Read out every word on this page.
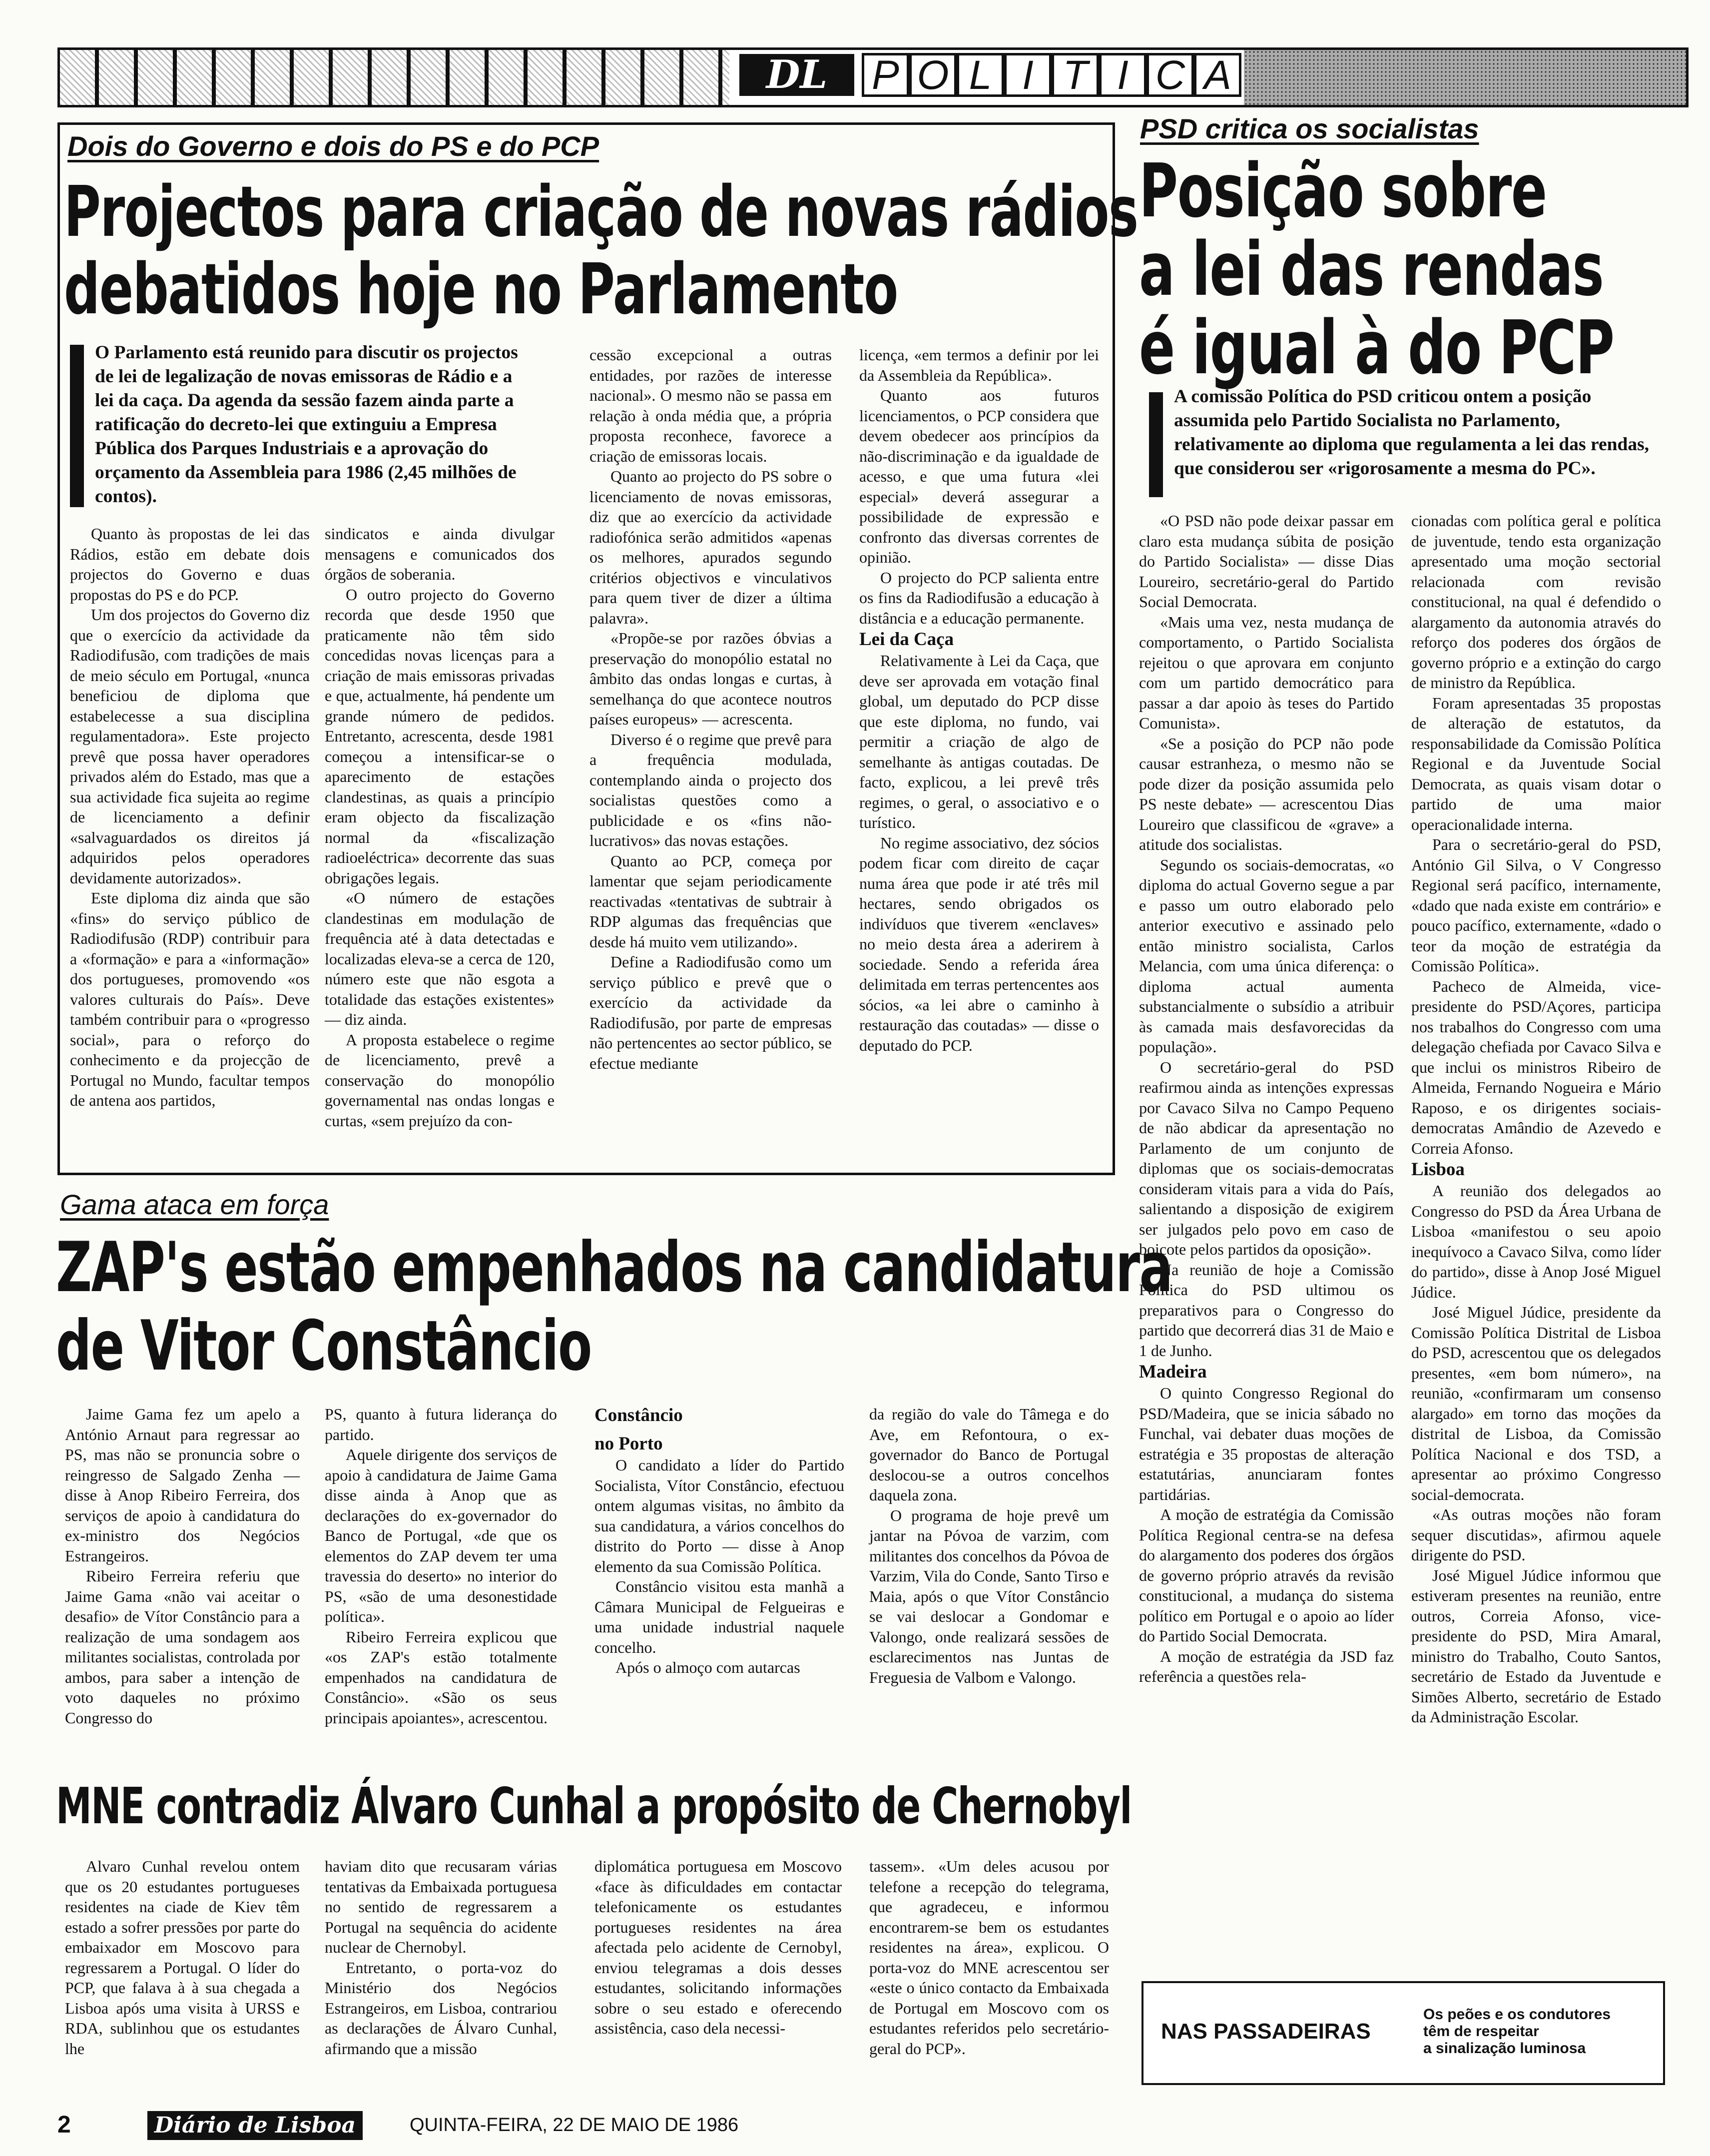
DL	P O L I T I C A
Dois do Governo e dois do PS e do PCP
Projectos para criação de novas rádios
debatidos hoje no Parlamento
O Parlamento está reunido para discutir os projectos de lei de legalização de novas emissoras de Rádio e a lei da caça. Da agenda da sessão fazem ainda parte a ratificação do decreto-lei que extinguiu a Empresa Pública dos Parques Industriais e a aprovação do orçamento da Assembleia para 1986 (2,45 milhões de contos).

Quanto às propostas de lei das Rádios, estão em debate dois projectos do Governo e duas propostas do PS e do PCP.

Um dos projectos do Governo diz que o exercício da actividade da Radiodifusão, com tradições de mais de meio século em Portugal, «nunca beneficiou de diploma que estabelecesse a sua disciplina regulamentadora». Este projecto prevê que possa haver operadores privados além do Estado, mas que a sua actividade fica sujeita ao regime de licenciamento a definir «salvaguardados os direitos já adquiridos pelos operadores devidamente autorizados».

Este diploma diz ainda que são «fins» do serviço público de Radiodifusão (RDP) contribuir para a «formação» e para a «informação» dos portugueses, promovendo «os valores culturais do País». Deve também contribuir para o «progresso social», para o reforço do conhecimento e da projecção de Portugal no Mundo, facultar tempos de antena aos partidos,

sindicatos e ainda divulgar mensagens e comunicados dos órgãos de soberania.

O outro projecto do Governo recorda que desde 1950 que praticamente não têm sido concedidas novas licenças para a criação de mais emissoras privadas e que, actualmente, há pendente um grande número de pedidos. Entretanto, acrescenta, desde 1981 começou a intensificar-se o aparecimento de estações clandestinas, as quais a princípio eram objecto da fiscalização normal da «fiscalização radioeléctrica» decorrente das suas obrigações legais.

«O número de estações clandestinas em modulação de frequência até à data detectadas e localizadas eleva-se a cerca de 120, número este que não esgota a totalidade das estações existentes» — diz ainda.

A proposta estabelece o regime de licenciamento, prevê a conservação do monopólio governamental nas ondas longas e curtas, «sem prejuízo da con-

cessão excepcional a outras entidades, por razões de interesse nacional». O mesmo não se passa em relação à onda média que, a própria proposta reconhece, favorece a criação de emissoras locais.

Quanto ao projecto do PS sobre o licenciamento de novas emissoras, diz que ao exercício da actividade radiofónica serão admitidos «apenas os melhores, apurados segundo critérios objectivos e vinculativos para quem tiver de dizer a última palavra».

«Propõe-se por razões óbvias a preservação do monopólio estatal no âmbito das ondas longas e curtas, à semelhança do que acontece noutros países europeus» — acrescenta.

Diverso é o regime que prevê para a frequência modulada, contemplando ainda o projecto dos socialistas questões como a publicidade e os «fins não-lucrativos» das novas estações.

Quanto ao PCP, começa por lamentar que sejam periodicamente reactivadas «tentativas de subtrair à RDP algumas das frequências que desde há muito vem utilizando».

Define a Radiodifusão como um serviço público e prevê que o exercício da actividade da Radiodifusão, por parte de empresas não pertencentes ao sector público, se efectue mediante

licença, «em termos a definir por lei da Assembleia da República».

Quanto aos futuros licenciamentos, o PCP considera que devem obedecer aos princípios da não-discriminação e da igualdade de acesso, e que uma futura «lei especial» deverá assegurar a possibilidade de expressão e confronto das diversas correntes de opinião.

O projecto do PCP salienta entre os fins da Radiodifusão a educação à distância e a educação permanente.

Lei da Caça

Relativamente à Lei da Caça, que deve ser aprovada em votação final global, um deputado do PCP disse que este diploma, no fundo, vai permitir a criação de algo de semelhante às antigas coutadas. De facto, explicou, a lei prevê três regimes, o geral, o associativo e o turístico.

No regime associativo, dez sócios podem ficar com direito de caçar numa área que pode ir até três mil hectares, sendo obrigados os indivíduos que tiverem «enclaves» no meio desta área a aderirem à sociedade. Sendo a referida área delimitada em terras pertencentes aos sócios, «a lei abre o caminho à restauração das coutadas» — disse o deputado do PCP.

PSD critica os socialistas
Posição sobre
a lei das rendas
é igual à do PCP
A comissão Política do PSD criticou ontem a posição assumida pelo Partido Socialista no Parlamento, relativamente ao diploma que regulamenta a lei das rendas, que considerou ser «rigorosamente a mesma do PC».

«O PSD não pode deixar passar em claro esta mudança súbita de posição do Partido Socialista» — disse Dias Loureiro, secretário-geral do Partido Social Democrata.

«Mais uma vez, nesta mudança de comportamento, o Partido Socialista rejeitou o que aprovara em conjunto com um partido democrático para passar a dar apoio às teses do Partido Comunista».

«Se a posição do PCP não pode causar estranheza, o mesmo não se pode dizer da posição assumida pelo PS neste debate» — acrescentou Dias Loureiro que classificou de «grave» a atitude dos socialistas.

Segundo os sociais-democratas, «o diploma do actual Governo segue a par e passo um outro elaborado pelo anterior executivo e assinado pelo então ministro socialista, Carlos Melancia, com uma única diferença: o diploma actual aumenta substancialmente o subsídio a atribuir às camada mais desfavorecidas da população».

O secretário-geral do PSD reafirmou ainda as intenções expressas por Cavaco Silva no Campo Pequeno de não abdicar da apresentação no Parlamento de um conjunto de diplomas que os sociais-democratas consideram vitais para a vida do País, salientando a disposição de exigirem ser julgados pelo povo em caso de boicote pelos partidos da oposição».

Na reunião de hoje a Comissão Política do PSD ultimou os preparativos para o Congresso do partido que decorrerá dias 31 de Maio e 1 de Junho.

Madeira

O quinto Congresso Regional do PSD/Madeira, que se inicia sábado no Funchal, vai debater duas moções de estratégia e 35 propostas de alteração estatutárias, anunciaram fontes partidárias.

A moção de estratégia da Comissão Política Regional centra-se na defesa do alargamento dos poderes dos órgãos de governo próprio através da revisão constitucional, a mudança do sistema político em Portugal e o apoio ao líder do Partido Social Democrata.

A moção de estratégia da JSD faz referência a questões rela-

cionadas com política geral e política de juventude, tendo esta organização apresentado uma moção sectorial relacionada com revisão constitucional, na qual é defendido o alargamento da autonomia através do reforço dos poderes dos órgãos de governo próprio e a extinção do cargo de ministro da República.

Foram apresentadas 35 propostas de alteração de estatutos, da responsabilidade da Comissão Política Regional e da Juventude Social Democrata, as quais visam dotar o partido de uma maior operacionalidade interna.

Para o secretário-geral do PSD, António Gil Silva, o V Congresso Regional será pacífico, internamente, «dado que nada existe em contrário» e pouco pacífico, externamente, «dado o teor da moção de estratégia da Comissão Política».

Pacheco de Almeida, vice-presidente do PSD/Açores, participa nos trabalhos do Congresso com uma delegação chefiada por Cavaco Silva e que inclui os ministros Ribeiro de Almeida, Fernando Nogueira e Mário Raposo, e os dirigentes sociais-democratas Amândio de Azevedo e Correia Afonso.

Lisboa

A reunião dos delegados ao Congresso do PSD da Área Urbana de Lisboa «manifestou o seu apoio inequívoco a Cavaco Silva, como líder do partido», disse à Anop José Miguel Júdice.

José Miguel Júdice, presidente da Comissão Política Distrital de Lisboa do PSD, acrescentou que os delegados presentes, «em bom número», na reunião, «confirmaram um consenso alargado» em torno das moções da distrital de Lisboa, da Comissão Política Nacional e dos TSD, a apresentar ao próximo Congresso social-democrata.

«As outras moções não foram sequer discutidas», afirmou aquele dirigente do PSD.

José Miguel Júdice informou que estiveram presentes na reunião, entre outros, Correia Afonso, vice-presidente do PSD, Mira Amaral, ministro do Trabalho, Couto Santos, secretário de Estado da Juventude e Simões Alberto, secretário de Estado da Administração Escolar.

Gama ataca em força
ZAP's estão empenhados na candidatura
de Vitor Constâncio

Jaime Gama fez um apelo a António Arnaut para regressar ao PS, mas não se pronuncia sobre o reingresso de Salgado Zenha — disse à Anop Ribeiro Ferreira, dos serviços de apoio à candidatura do ex-ministro dos Negócios Estrangeiros.

Ribeiro Ferreira referiu que Jaime Gama «não vai aceitar o desafio» de Vítor Constâncio para a realização de uma sondagem aos militantes socialistas, controlada por ambos, para saber a intenção de voto daqueles no próximo Congresso do

PS, quanto à futura liderança do partido.

Aquele dirigente dos serviços de apoio à candidatura de Jaime Gama disse ainda à Anop que as declarações do ex-governador do Banco de Portugal, «de que os elementos do ZAP devem ter uma travessia do deserto» no interior do PS, «são de uma desonestidade política».

Ribeiro Ferreira explicou que «os ZAP's estão totalmente empenhados na candidatura de Constâncio». «São os seus principais apoiantes», acrescentou.

Constâncio

no Porto

O candidato a líder do Partido Socialista, Vítor Constâncio, efectuou ontem algumas visitas, no âmbito da sua candidatura, a vários concelhos do distrito do Porto — disse à Anop elemento da sua Comissão Política.

Constâncio visitou esta manhã a Câmara Municipal de Felgueiras e uma unidade industrial naquele concelho.

Após o almoço com autarcas

da região do vale do Tâmega e do Ave, em Refontoura, o ex-governador do Banco de Portugal deslocou-se a outros concelhos daquela zona.

O programa de hoje prevê um jantar na Póvoa de varzim, com militantes dos concelhos da Póvoa de Varzim, Vila do Conde, Santo Tirso e Maia, após o que Vítor Constâncio se vai deslocar a Gondomar e Valongo, onde realizará sessões de esclarecimentos nas Juntas de Freguesia de Valbom e Valongo.

MNE contradiz Álvaro Cunhal a propósito de Chernobyl

Alvaro Cunhal revelou ontem que os 20 estudantes portugueses residentes na ciade de Kiev têm estado a sofrer pressões por parte do embaixador em Moscovo para regressarem a Portugal. O líder do PCP, que falava à à sua chegada a Lisboa após uma visita à URSS e RDA, sublinhou que os estudantes lhe

haviam dito que recusaram várias tentativas da Embaixada portuguesa no sentido de regressarem a Portugal na sequência do acidente nuclear de Chernobyl.

Entretanto, o porta-voz do Ministério dos Negócios Estrangeiros, em Lisboa, contrariou as declarações de Álvaro Cunhal, afirmando que a missão

diplomática portuguesa em Moscovo «face às dificuldades em contactar telefonicamente os estudantes portugueses residentes na área afectada pelo acidente de Cernobyl, enviou telegramas a dois desses estudantes, solicitando informações sobre o seu estado e oferecendo assistência, caso dela necessi-

tassem». «Um deles acusou por telefone a recepção do telegrama, que agradeceu, e informou encontrarem-se bem os estudantes residentes na área», explicou. O porta-voz do MNE acrescentou ser «este o único contacto da Embaixada de Portugal em Moscovo com os estudantes referidos pelo secretário-geral do PCP».

NAS PASSADEIRAS
Os peões e os condutores
têm de respeitar
a sinalização luminosa
2	Diário de Lisboa	QUINTA-FEIRA, 22 DE MAIO DE 1986
